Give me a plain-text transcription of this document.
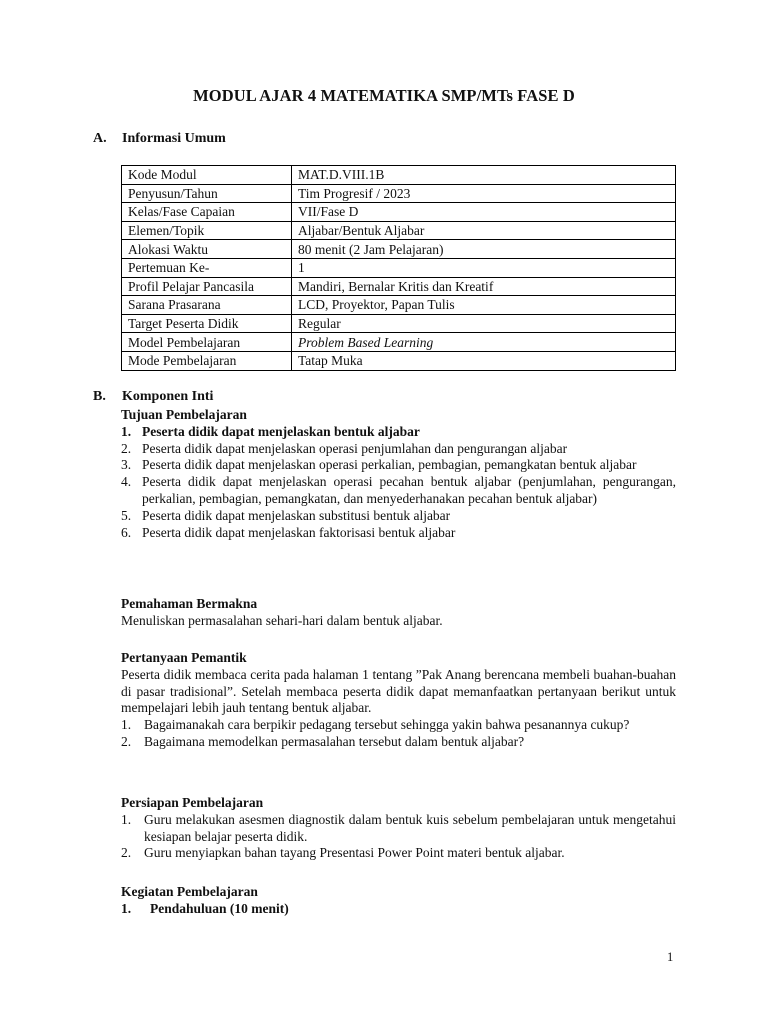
MODUL AJAR 4 MATEMATIKA SMP/MTs FASE D
A. Informasi Umum
Kode Modul	MAT.D.VIII.1B
Penyusun/Tahun	Tim Progresif / 2023
Kelas/Fase Capaian	VII/Fase D
Elemen/Topik	Aljabar/Bentuk Aljabar
Alokasi Waktu	80 menit (2 Jam Pelajaran)
Pertemuan Ke-	1
Profil Pelajar Pancasila	Mandiri, Bernalar Kritis dan Kreatif
Sarana Prasarana	LCD, Proyektor, Papan Tulis
Target Peserta Didik	Regular
Model Pembelajaran	Problem Based Learning
Mode Pembelajaran	Tatap Muka
B. Komponen Inti
Tujuan Pembelajaran
1. Peserta didik dapat menjelaskan bentuk aljabar
2. Peserta didik dapat menjelaskan operasi penjumlahan dan pengurangan aljabar
3. Peserta didik dapat menjelaskan operasi perkalian, pembagian, pemangkatan bentuk aljabar
4. Peserta didik dapat menjelaskan operasi pecahan bentuk aljabar (penjumlahan, pengurangan, perkalian, pembagian, pemangkatan, dan menyederhanakan pecahan bentuk aljabar)
5. Peserta didik dapat menjelaskan substitusi bentuk aljabar
6. Peserta didik dapat menjelaskan faktorisasi bentuk aljabar
Pemahaman Bermakna
Menuliskan permasalahan sehari-hari dalam bentuk aljabar.
Pertanyaan Pemantik
Peserta didik membaca cerita pada halaman 1 tentang ”Pak Anang berencana membeli buahan-buahan di pasar tradisional”. Setelah membaca peserta didik dapat memanfaatkan pertanyaan berikut untuk mempelajari lebih jauh tentang bentuk aljabar.
1. Bagaimanakah cara berpikir pedagang tersebut sehingga yakin bahwa pesanannya cukup?
2. Bagaimana memodelkan permasalahan tersebut dalam bentuk aljabar?
Persiapan Pembelajaran
1. Guru melakukan asesmen diagnostik dalam bentuk kuis sebelum pembelajaran untuk mengetahui kesiapan belajar peserta didik.
2. Guru menyiapkan bahan tayang Presentasi Power Point materi bentuk aljabar.
Kegiatan Pembelajaran
1. Pendahuluan (10 menit)
1
